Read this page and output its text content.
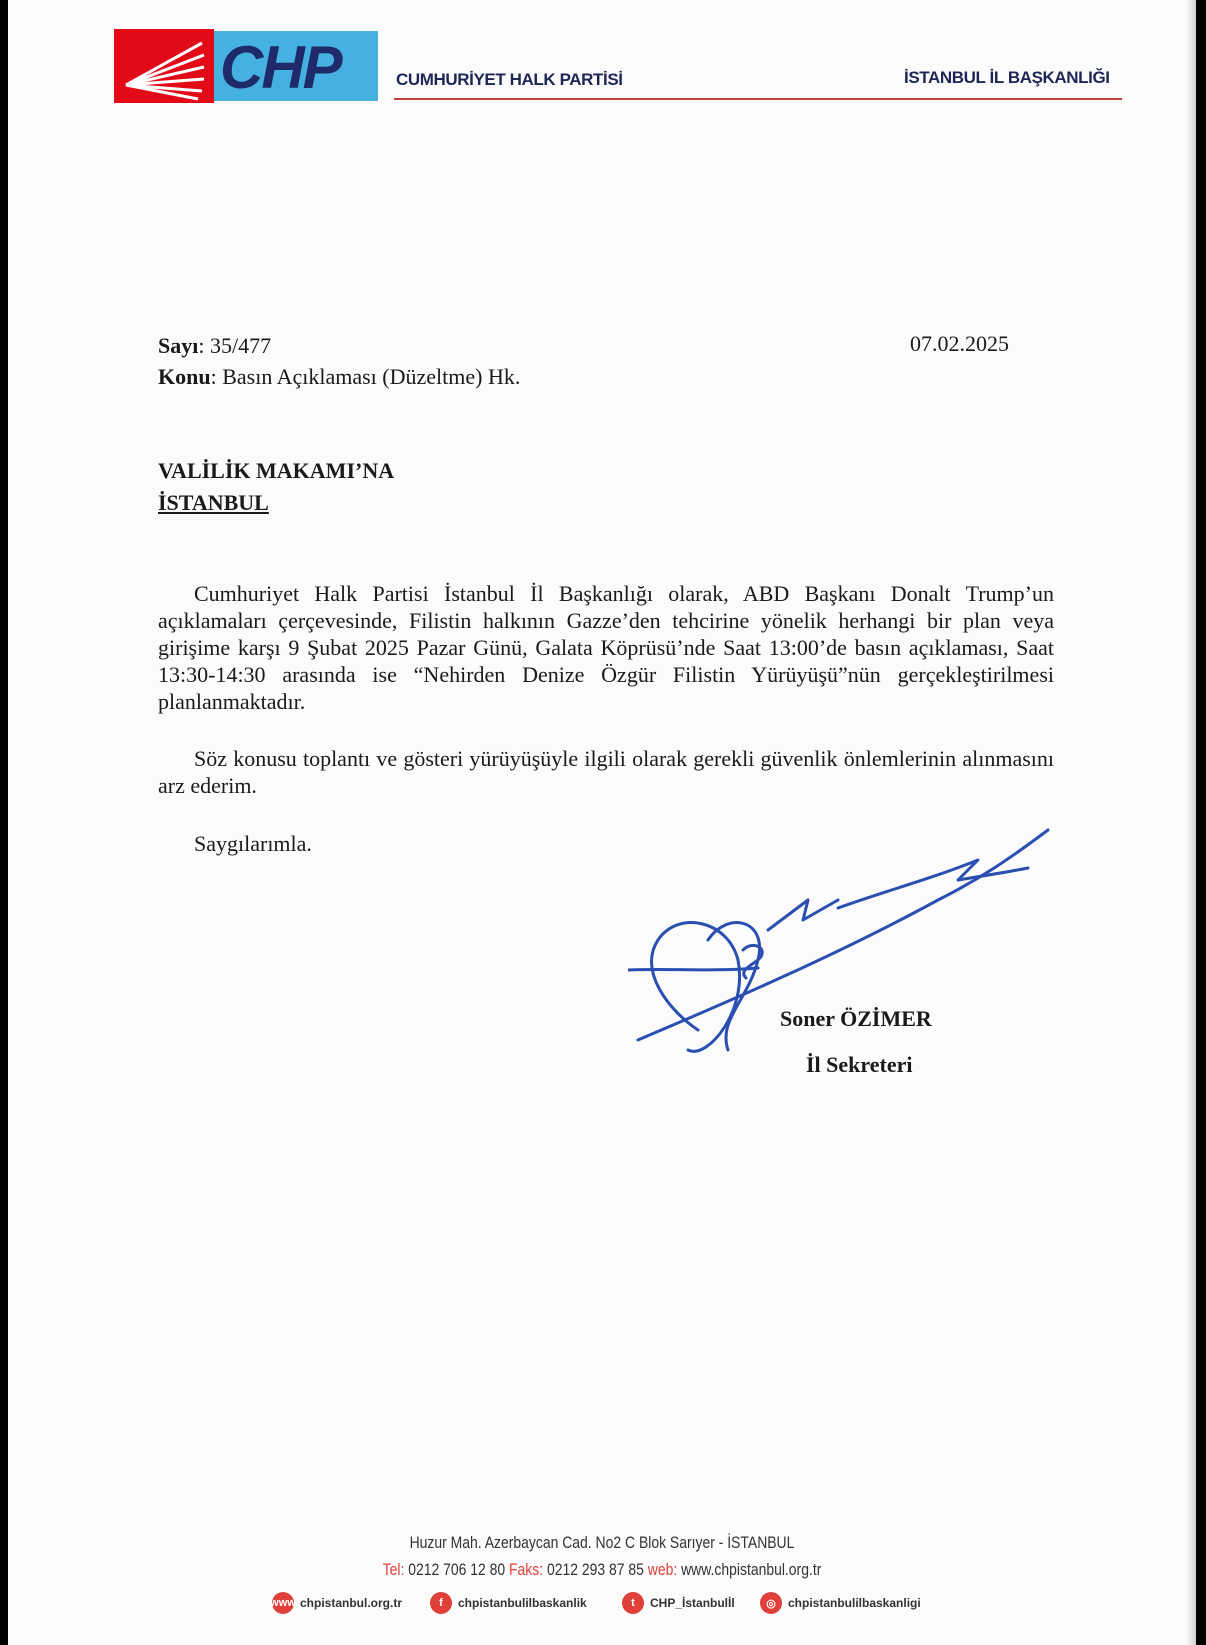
CHP	CUMHURİYET HALK PARTİSİ	İSTANBUL İL BAŞKANLIĞI
Sayı: 35/477
Konu: Basın Açıklaması (Düzeltme) Hk.
07.02.2025
VALİLİK MAKAMI’NA
İSTANBUL
Cumhuriyet Halk Partisi İstanbul İl Başkanlığı olarak, ABD Başkanı Donalt Trump’un açıklamaları çerçevesinde, Filistin halkının Gazze’den tehcirine yönelik herhangi bir plan veya girişime karşı 9 Şubat 2025 Pazar Günü, Galata Köprüsü’nde Saat 13:00’de basın açıklaması, Saat 13:30-14:30 arasında ise “Nehirden Denize Özgür Filistin Yürüyüşü”nün gerçekleştirilmesi planlanmaktadır.
Söz konusu toplantı ve gösteri yürüyüşüyle ilgili olarak gerekli güvenlik önlemlerinin alınmasını arz ederim.
Saygılarımla.
Soner ÖZİMER
İl Sekreteri
Huzur Mah. Azerbaycan Cad. No2 C Blok Sarıyer - İSTANBUL
Tel: 0212 706 12 80 Faks: 0212 293 87 85 web: www.chpistanbul.org.tr
www chpistanbul.org.tr	f	chpistanbulilbaskanlik	t	CHP_İstanbulİl	◎	chpistanbulilbaskanligi
